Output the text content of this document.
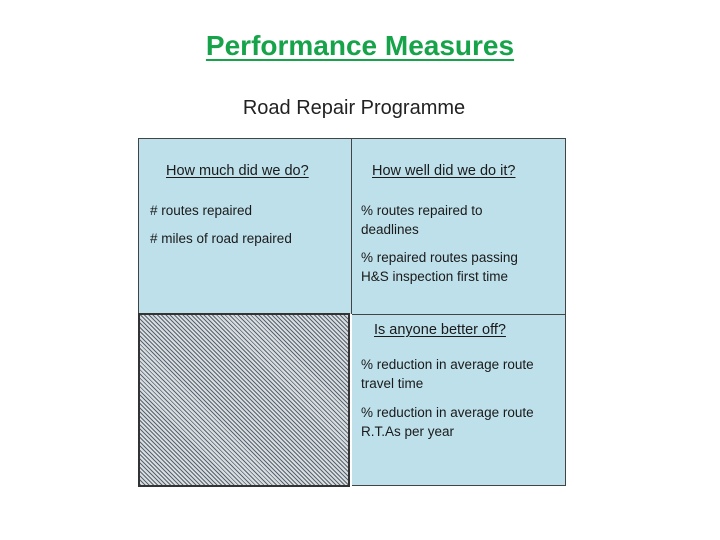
Performance Measures
Road Repair Programme
How much did we do?
# routes repaired
# miles of road repaired
How well did we do it?
% routes repaired to deadlines
% repaired routes passing H&S inspection first time
Is anyone better off?
% reduction in average route travel time
% reduction in average route R.T.As per year
